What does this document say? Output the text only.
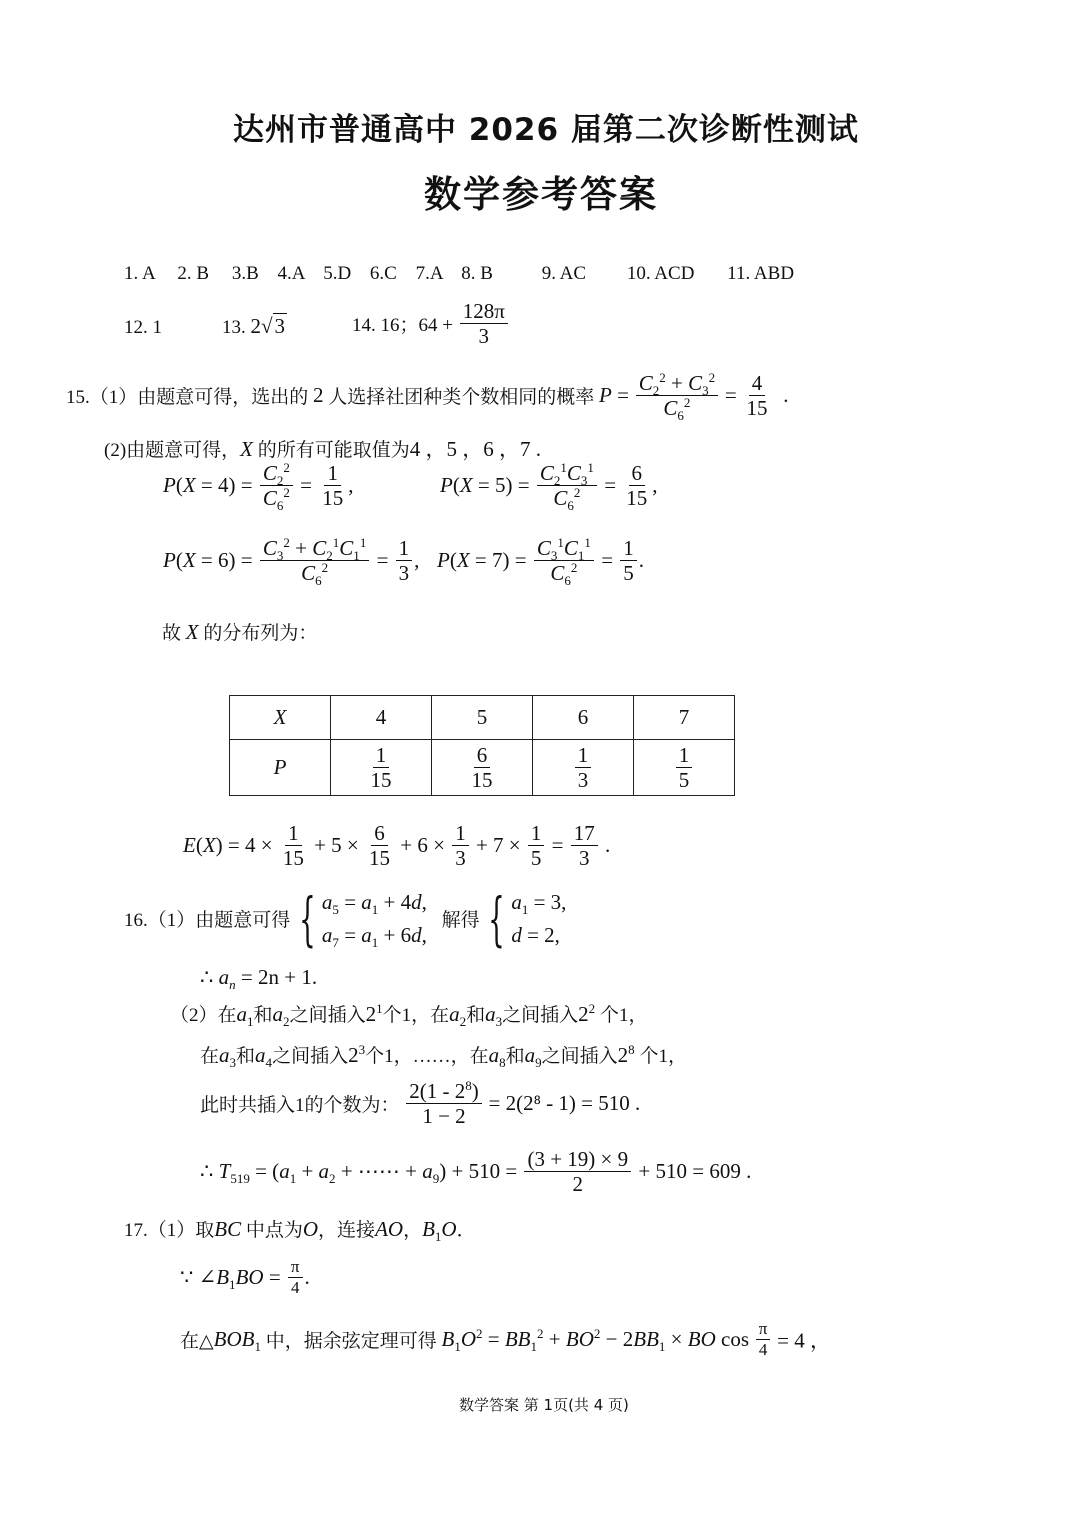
达州市普通高中 2026 届第二次诊断性测试
数学参考答案
1. A 2. B 3.B 4.A 5.D 6.C 7.A 8. B	9. AC 10. ACD 11. ABD
12. 1	13. 2√3	14. 16；$64 + \frac{128\pi}{3}$
15.（1）由题意可得，选出的 2 人选择社团种类个数相同的概率 $P = \frac{C_2^2 + C_3^2}{C_6^2} = \frac{4}{15}$ .
(2)由题意可得，X 的所有可能取值为4 ，5 ，6 ，7 .
$P(X = 4) = \frac{C_2^2}{C_6^2} = \frac{1}{15}$ ,	$P(X = 5) = \frac{C_2^1C_3^1}{C_6^2} = \frac{6}{15}$ ,
$P(X = 6) = \frac{C_3^2 + C_2^1C_1^1}{C_6^2} = \frac{1}{3}$ , $P(X = 7) = \frac{C_3^1C_1^1}{C_6^2} = \frac{1}{5}$ .
故 X 的分布列为：
X	4	5	6	7
P	$\frac{1}{15}$	$\frac{6}{15}$	$\frac{1}{3}$	$\frac{1}{5}$
$E(X) = 4 \times \frac{1}{15} + 5 \times \frac{6}{15} + 6 \times \frac{1}{3} + 7 \times \frac{1}{5} = \frac{17}{3}$ .
16.（1）由题意可得 { $a_5 = a_1 + 4d$,
$a_7 = a_1 + 6d$,
解得 { $a_1 = 3$,
d = 2,
∴ $a_n = 2n + 1$.
（2）在$a_1$和$a_2$之间插入$2^1$个1，在$a_2$和$a_3$之间插入$2^2$ 个1，
在$a_3$和$a_4$之间插入$2^3$个1，……，在$a_8$和$a_9$之间插入$2^8$ 个1，
此时共插入1的个数为： $\frac{2(1 - 2^8)}{1 - 2} = 2(2^8 - 1) = 510$ .
∴ $T_{519} = (a_1 + a_2$ + ⋯⋯ + $a_9) + 510 = \frac{(3 + 19) \times 9}{2} + 510 = 609$ .
17.（1）取BC 中点为O，连接AO，$B_1O$．
∵ $\angle B_1BO = \frac{\pi}{4}$ .
在$\triangle BOB_1$ 中，据余弦定理可得 $B_1O^2 = BB_1^2 + BO^2 - 2BB_1$ × BO $\cos \frac{\pi}{4} = 4$ ，
数学答案 第 1页(共 4 页)
